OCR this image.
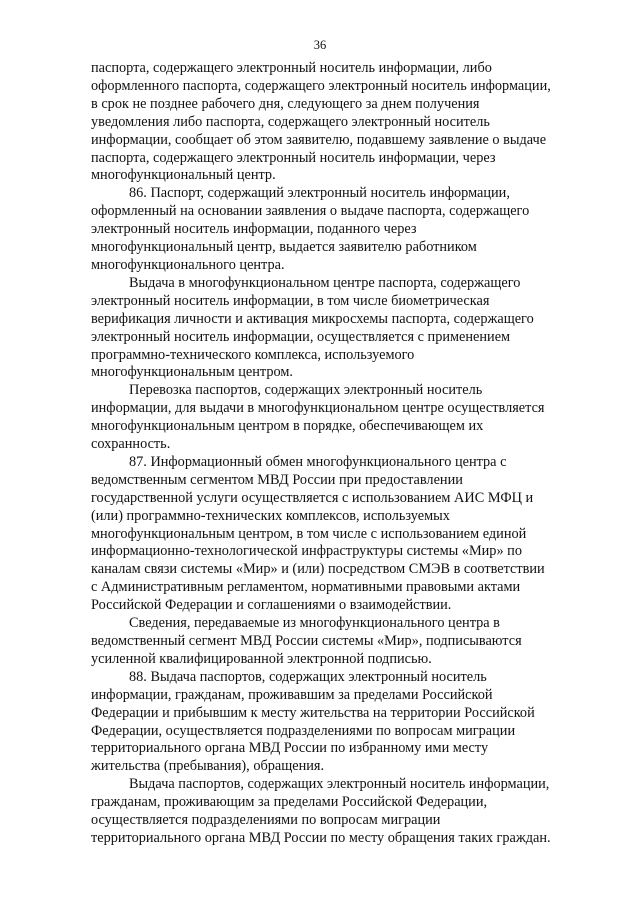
36

паспорта, содержащего электронный носитель информации, либо
оформленного паспорта, содержащего электронный носитель информации,
в срок не позднее рабочего дня, следующего за днем получения
уведомления либо паспорта, содержащего электронный носитель
информации, сообщает об этом заявителю, подавшему заявление о выдаче
паспорта, содержащего электронный носитель информации, через
многофункциональный центр.

86. Паспорт, содержащий электронный носитель информации,
оформленный на основании заявления о выдаче паспорта, содержащего
электронный носитель информации, поданного через
многофункциональный центр, выдается заявителю работником
многофункционального центра.

Выдача в многофункциональном центре паспорта, содержащего
электронный носитель информации, в том числе биометрическая
верификация личности и активация микросхемы паспорта, содержащего
электронный носитель информации, осуществляется с применением
программно-технического комплекса, используемого
многофункциональным центром.

Перевозка паспортов, содержащих электронный носитель
информации, для выдачи в многофункциональном центре осуществляется
многофункциональным центром в порядке, обеспечивающем их
сохранность.

87. Информационный обмен многофункционального центра с
ведомственным сегментом МВД России при предоставлении
государственной услуги осуществляется с использованием АИС МФЦ и
(или) программно-технических комплексов, используемых
многофункциональным центром, в том числе с использованием единой
информационно-технологической инфраструктуры системы «Мир» по
каналам связи системы «Мир» и (или) посредством СМЭВ в соответствии
с Административным регламентом, нормативными правовыми актами
Российской Федерации и соглашениями о взаимодействии.

Сведения, передаваемые из многофункционального центра в
ведомственный сегмент МВД России системы «Мир», подписываются
усиленной квалифицированной электронной подписью.

88. Выдача паспортов, содержащих электронный носитель
информации, гражданам, проживавшим за пределами Российской
Федерации и прибывшим к месту жительства на территории Российской
Федерации, осуществляется подразделениями по вопросам миграции
территориального органа МВД России по избранному ими месту
жительства (пребывания), обращения.

Выдача паспортов, содержащих электронный носитель информации,
гражданам, проживающим за пределами Российской Федерации,
осуществляется подразделениями по вопросам миграции
территориального органа МВД России по месту обращения таких граждан.
